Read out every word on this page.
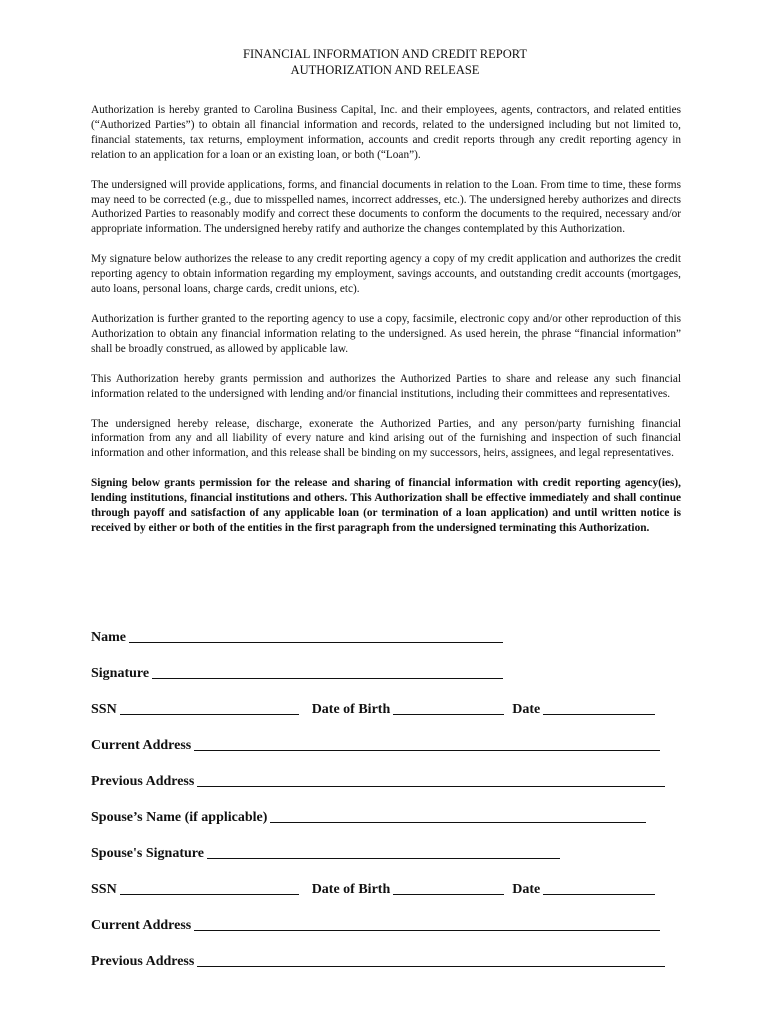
FINANCIAL INFORMATION AND CREDIT REPORT
AUTHORIZATION AND RELEASE

Authorization is hereby granted to Carolina Business Capital, Inc. and their employees, agents, contractors, and related entities (“Authorized Parties”) to obtain all financial information and records, related to the undersigned including but not limited to, financial statements, tax returns, employment information, accounts and credit reports through any credit reporting agency in relation to an application for a loan or an existing loan, or both (“Loan”).

The undersigned will provide applications, forms, and financial documents in relation to the Loan. From time to time, these forms may need to be corrected (e.g., due to misspelled names, incorrect addresses, etc.). The undersigned hereby authorizes and directs Authorized Parties to reasonably modify and correct these documents to conform the documents to the required, necessary and/or appropriate information. The undersigned hereby ratify and authorize the changes contemplated by this Authorization.

My signature below authorizes the release to any credit reporting agency a copy of my credit application and authorizes the credit reporting agency to obtain information regarding my employment, savings accounts, and outstanding credit accounts (mortgages, auto loans, personal loans, charge cards, credit unions, etc).

Authorization is further granted to the reporting agency to use a copy, facsimile, electronic copy and/or other reproduction of this Authorization to obtain any financial information relating to the undersigned. As used herein, the phrase “financial information” shall be broadly construed, as allowed by applicable law.

This Authorization hereby grants permission and authorizes the Authorized Parties to share and release any such financial information related to the undersigned with lending and/or financial institutions, including their committees and representatives.

The undersigned hereby release, discharge, exonerate the Authorized Parties, and any person/party furnishing financial information from any and all liability of every nature and kind arising out of the furnishing and inspection of such financial information and other information, and this release shall be binding on my successors, heirs, assignees, and legal representatives.

Signing below grants permission for the release and sharing of financial information with credit reporting agency(ies), lending institutions, financial institutions and others. This Authorization shall be effective immediately and shall continue through payoff and satisfaction of any applicable loan (or termination of a loan application) and until written notice is received by either or both of the entities in the first paragraph from the undersigned terminating this Authorization.

Name
Signature
SSN	Date of Birth	Date
Current Address
Previous Address
Spouse’s Name (if applicable)
Spouse's Signature
SSN	Date of Birth	Date
Current Address
Previous Address
